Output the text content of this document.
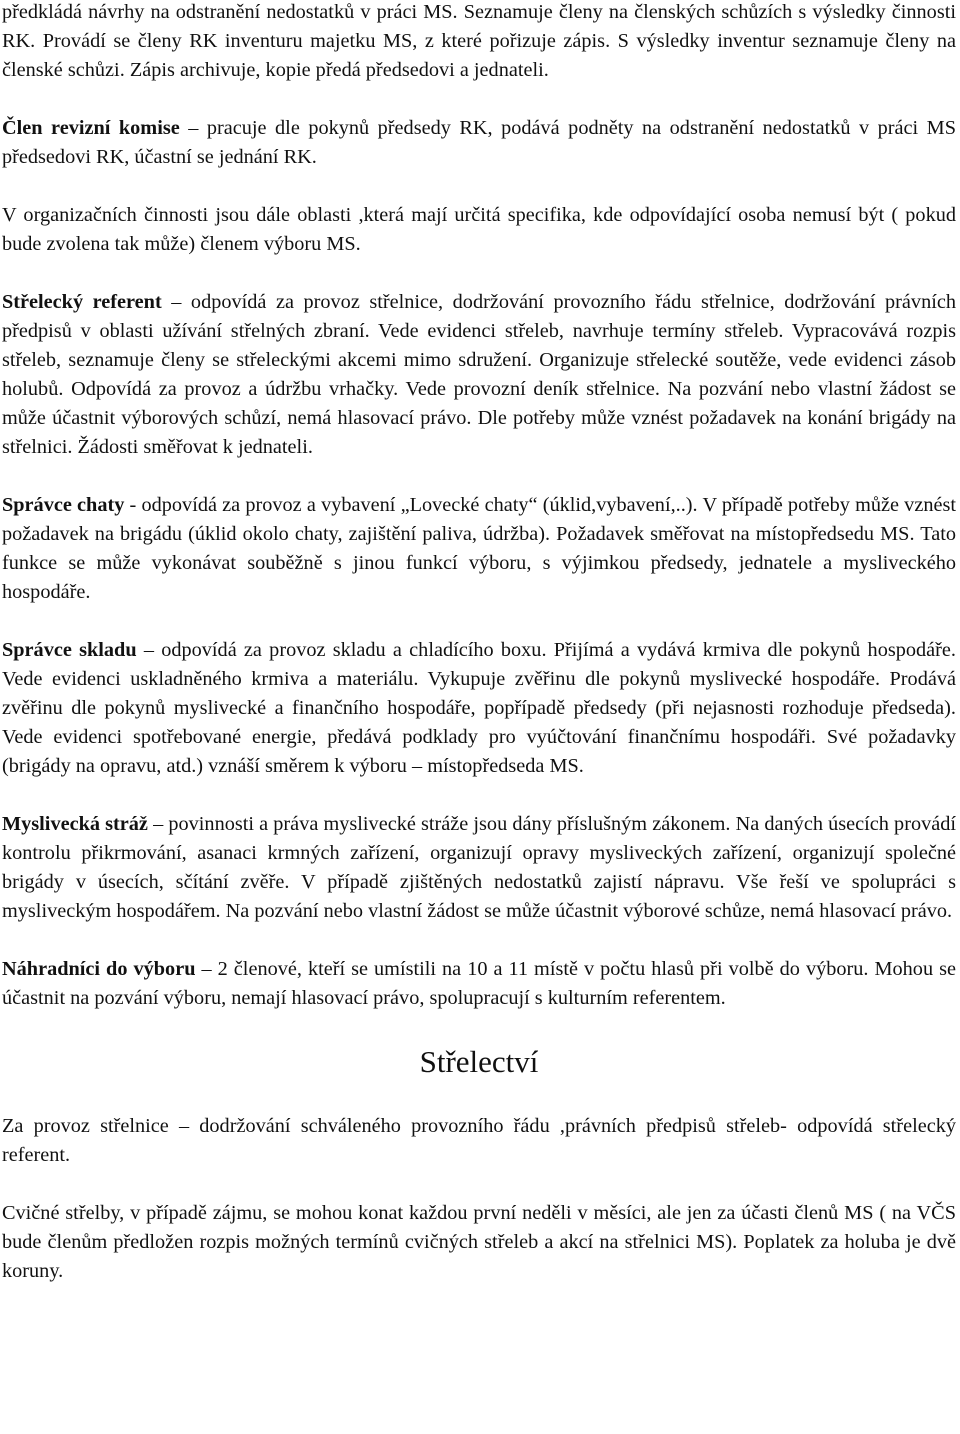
předkládá návrhy na odstranění nedostatků v práci MS. Seznamuje členy na členských schůzích s výsledky činnosti RK. Provádí se členy RK inventuru majetku MS, z které pořizuje zápis. S výsledky inventur seznamuje členy na členské schůzi. Zápis archivuje, kopie předá předsedovi a jednateli.

Člen revizní komise – pracuje dle pokynů předsedy RK, podává podněty na odstranění nedostatků v práci MS předsedovi RK, účastní se jednání RK.

V organizačních činnosti jsou dále oblasti ,která mají určitá specifika, kde odpovídající osoba nemusí být ( pokud bude zvolena tak může) členem výboru MS.

Střelecký referent – odpovídá za provoz střelnice, dodržování provozního řádu střelnice, dodržování právních předpisů v oblasti užívání střelných zbraní. Vede evidenci střeleb, navrhuje termíny střeleb. Vypracovává rozpis střeleb, seznamuje členy se střeleckými akcemi mimo sdružení. Organizuje střelecké soutěže, vede evidenci zásob holubů. Odpovídá za provoz a údržbu vrhačky. Vede provozní deník střelnice. Na pozvání nebo vlastní žádost se může účastnit výborových schůzí, nemá hlasovací právo. Dle potřeby může vznést požadavek na konání brigády na střelnici. Žádosti směřovat k jednateli.

Správce chaty - odpovídá za provoz a vybavení „Lovecké chaty“ (úklid,vybavení,..). V případě potřeby může vznést požadavek na brigádu (úklid okolo chaty, zajištění paliva, údržba). Požadavek směřovat na místopředsedu MS. Tato funkce se může vykonávat souběžně s jinou funkcí výboru, s výjimkou předsedy, jednatele a mysliveckého hospodáře.

Správce skladu – odpovídá za provoz skladu a chladícího boxu. Přijímá a vydává krmiva dle pokynů hospodáře. Vede evidenci uskladněného krmiva a materiálu. Vykupuje zvěřinu dle pokynů myslivecké hospodáře. Prodává zvěřinu dle pokynů myslivecké a finančního hospodáře, popřípadě předsedy (při nejasnosti rozhoduje předseda). Vede evidenci spotřebované energie, předává podklady pro vyúčtování finančnímu hospodáři. Své požadavky (brigády na opravu, atd.) vznáší směrem k výboru – místopředseda MS.

Myslivecká stráž – povinnosti a práva myslivecké stráže jsou dány příslušným zákonem. Na daných úsecích provádí kontrolu přikrmování, asanaci krmných zařízení, organizují opravy mysliveckých zařízení, organizují společné brigády v úsecích, sčítání zvěře. V případě zjištěných nedostatků zajistí nápravu. Vše řeší ve spolupráci s mysliveckým hospodářem. Na pozvání nebo vlastní žádost se může účastnit výborové schůze, nemá hlasovací právo.

Náhradníci do výboru – 2 členové, kteří se umístili na 10 a 11 místě v počtu hlasů při volbě do výboru. Mohou se účastnit na pozvání výboru, nemají hlasovací právo, spolupracují s kulturním referentem.

Střelectví

Za provoz střelnice – dodržování schváleného provozního řádu ,právních předpisů střeleb- odpovídá střelecký referent.

Cvičné střelby, v případě zájmu, se mohou konat každou první neděli v měsíci, ale jen za účasti členů MS ( na VČS bude členům předložen rozpis možných termínů cvičných střeleb a akcí na střelnici MS). Poplatek za holuba je dvě koruny.
